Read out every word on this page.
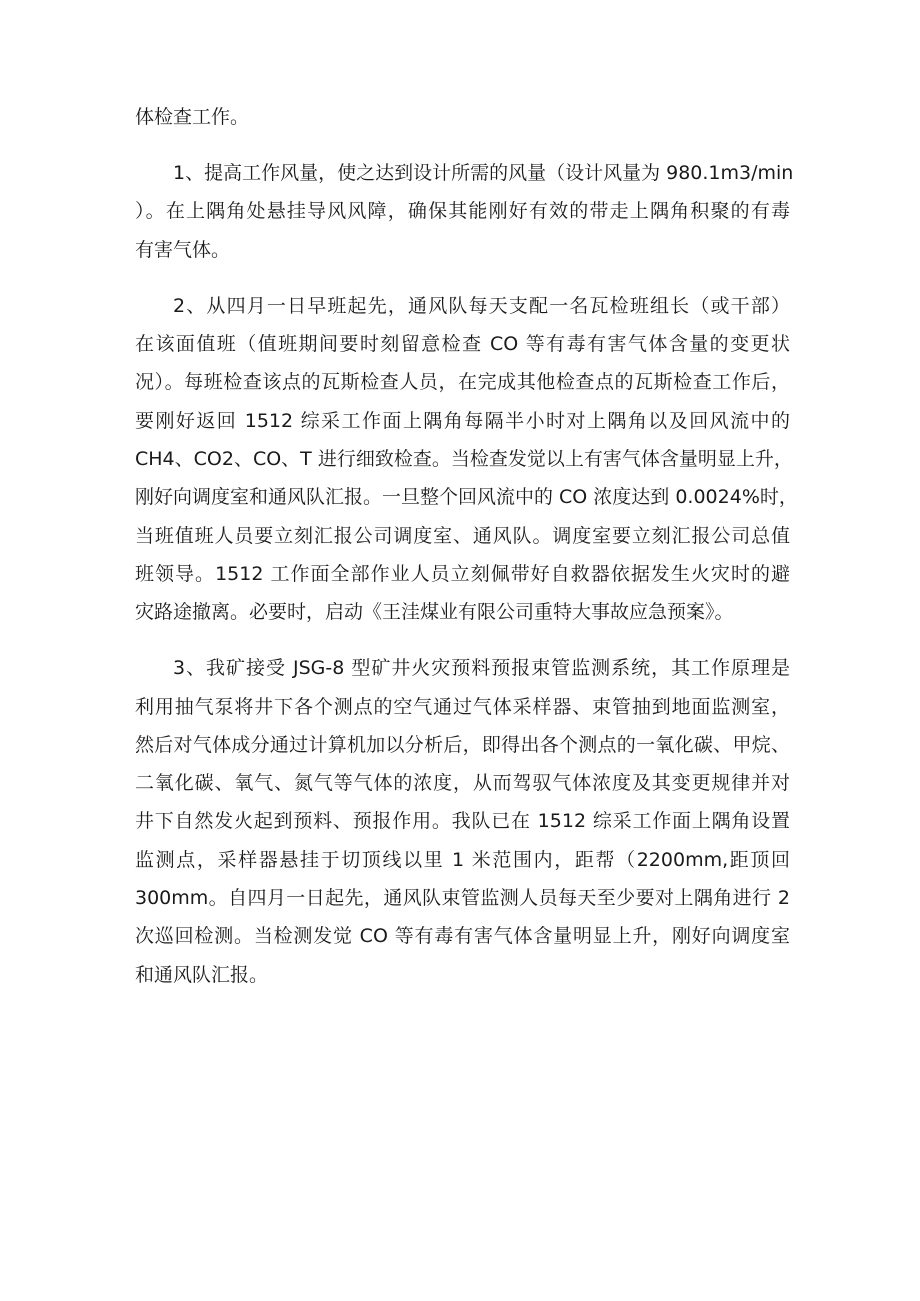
体检查工作。
1、提高工作风量，使之达到设计所需的风量（设计风量为 980.1m3∕min
）。在上隅角处悬挂导风风障，确保其能刚好有效的带走上隅角积聚的有毒
有害气体。
2、从四月一日早班起先，通风队每天支配一名瓦检班组长（或干部）
在该面值班（值班期间要时刻留意检查 CO 等有毒有害气体含量的变更状
况）。每班检查该点的瓦斯检查人员，在完成其他检查点的瓦斯检查工作后，
要刚好返回 1512 综采工作面上隅角每隔半小时对上隅角以及回风流中的
CH4、CO2、CO、T 进行细致检查。当检查发觉以上有害气体含量明显上升，
刚好向调度室和通风队汇报。一旦整个回风流中的 CO 浓度达到 0.0024%时，
当班值班人员要立刻汇报公司调度室、通风队。调度室要立刻汇报公司总值
班领导。1512 工作面全部作业人员立刻佩带好自救器依据发生火灾时的避
灾路途撤离。必要时，启动《王洼煤业有限公司重特大事故应急预案》。
3、我矿接受 JSG-8 型矿井火灾预料预报束管监测系统，其工作原理是
利用抽气泵将井下各个测点的空气通过气体采样器、束管抽到地面监测室，
然后对气体成分通过计算机加以分析后，即得出各个测点的一氧化碳、甲烷、
二氧化碳、氧气、氮气等气体的浓度，从而驾驭气体浓度及其变更规律并对
井下自然发火起到预料、预报作用。我队已在 1512 综采工作面上隅角设置
监测点，采样器悬挂于切顶线以里 1 米范围内，距帮（2200mm,距顶回
300mm。自四月一日起先，通风队束管监测人员每天至少要对上隅角进行 2
次巡回检测。当检测发觉 CO 等有毒有害气体含量明显上升，刚好向调度室
和通风队汇报。
